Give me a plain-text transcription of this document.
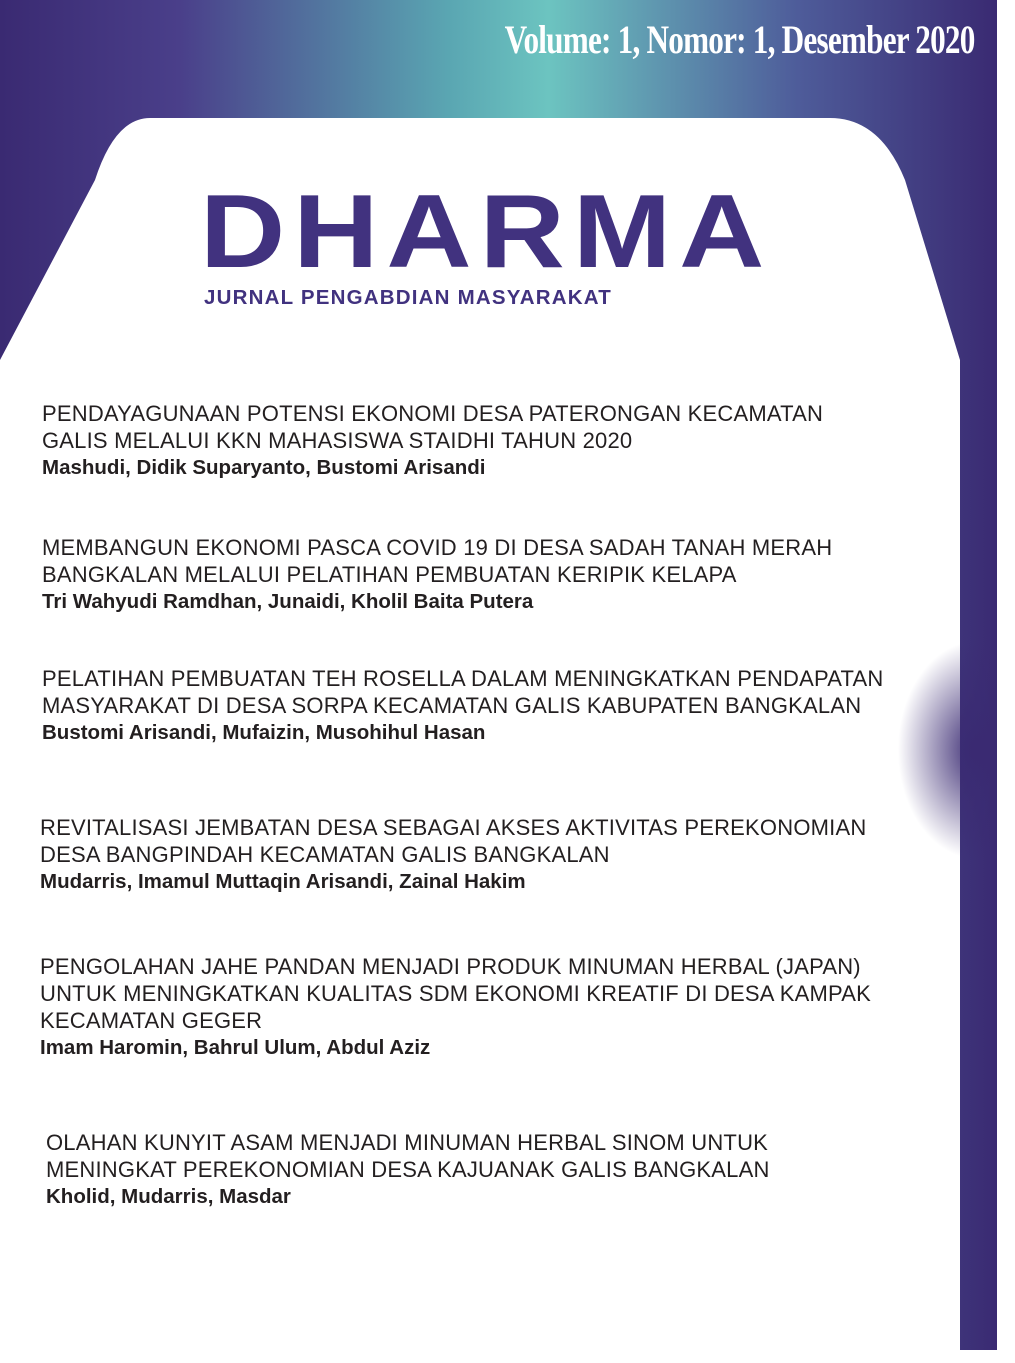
Volume: 1, Nomor: 1, Desember 2020
DHARMA
JURNAL PENGABDIAN MASYARAKAT
PENDAYAGUNAAN POTENSI EKONOMI DESA PATERONGAN KECAMATAN
GALIS MELALUI KKN MAHASISWA STAIDHI TAHUN 2020
Mashudi, Didik Suparyanto, Bustomi Arisandi
MEMBANGUN EKONOMI PASCA COVID 19 DI DESA SADAH TANAH MERAH
BANGKALAN MELALUI PELATIHAN PEMBUATAN KERIPIK KELAPA
Tri Wahyudi Ramdhan, Junaidi, Kholil Baita Putera
PELATIHAN PEMBUATAN TEH ROSELLA DALAM MENINGKATKAN PENDAPATAN
MASYARAKAT DI DESA SORPA KECAMATAN GALIS KABUPATEN BANGKALAN
Bustomi Arisandi, Mufaizin, Musohihul Hasan
REVITALISASI JEMBATAN DESA SEBAGAI AKSES AKTIVITAS PEREKONOMIAN
DESA BANGPINDAH KECAMATAN GALIS BANGKALAN
Mudarris, Imamul Muttaqin Arisandi, Zainal Hakim
PENGOLAHAN JAHE PANDAN MENJADI PRODUK MINUMAN HERBAL (JAPAN)
UNTUK MENINGKATKAN KUALITAS SDM EKONOMI KREATIF DI DESA KAMPAK
KECAMATAN GEGER
Imam Haromin, Bahrul Ulum, Abdul Aziz
OLAHAN KUNYIT ASAM MENJADI MINUMAN HERBAL SINOM UNTUK
MENINGKAT PEREKONOMIAN DESA KAJUANAK GALIS BANGKALAN
Kholid, Mudarris, Masdar
